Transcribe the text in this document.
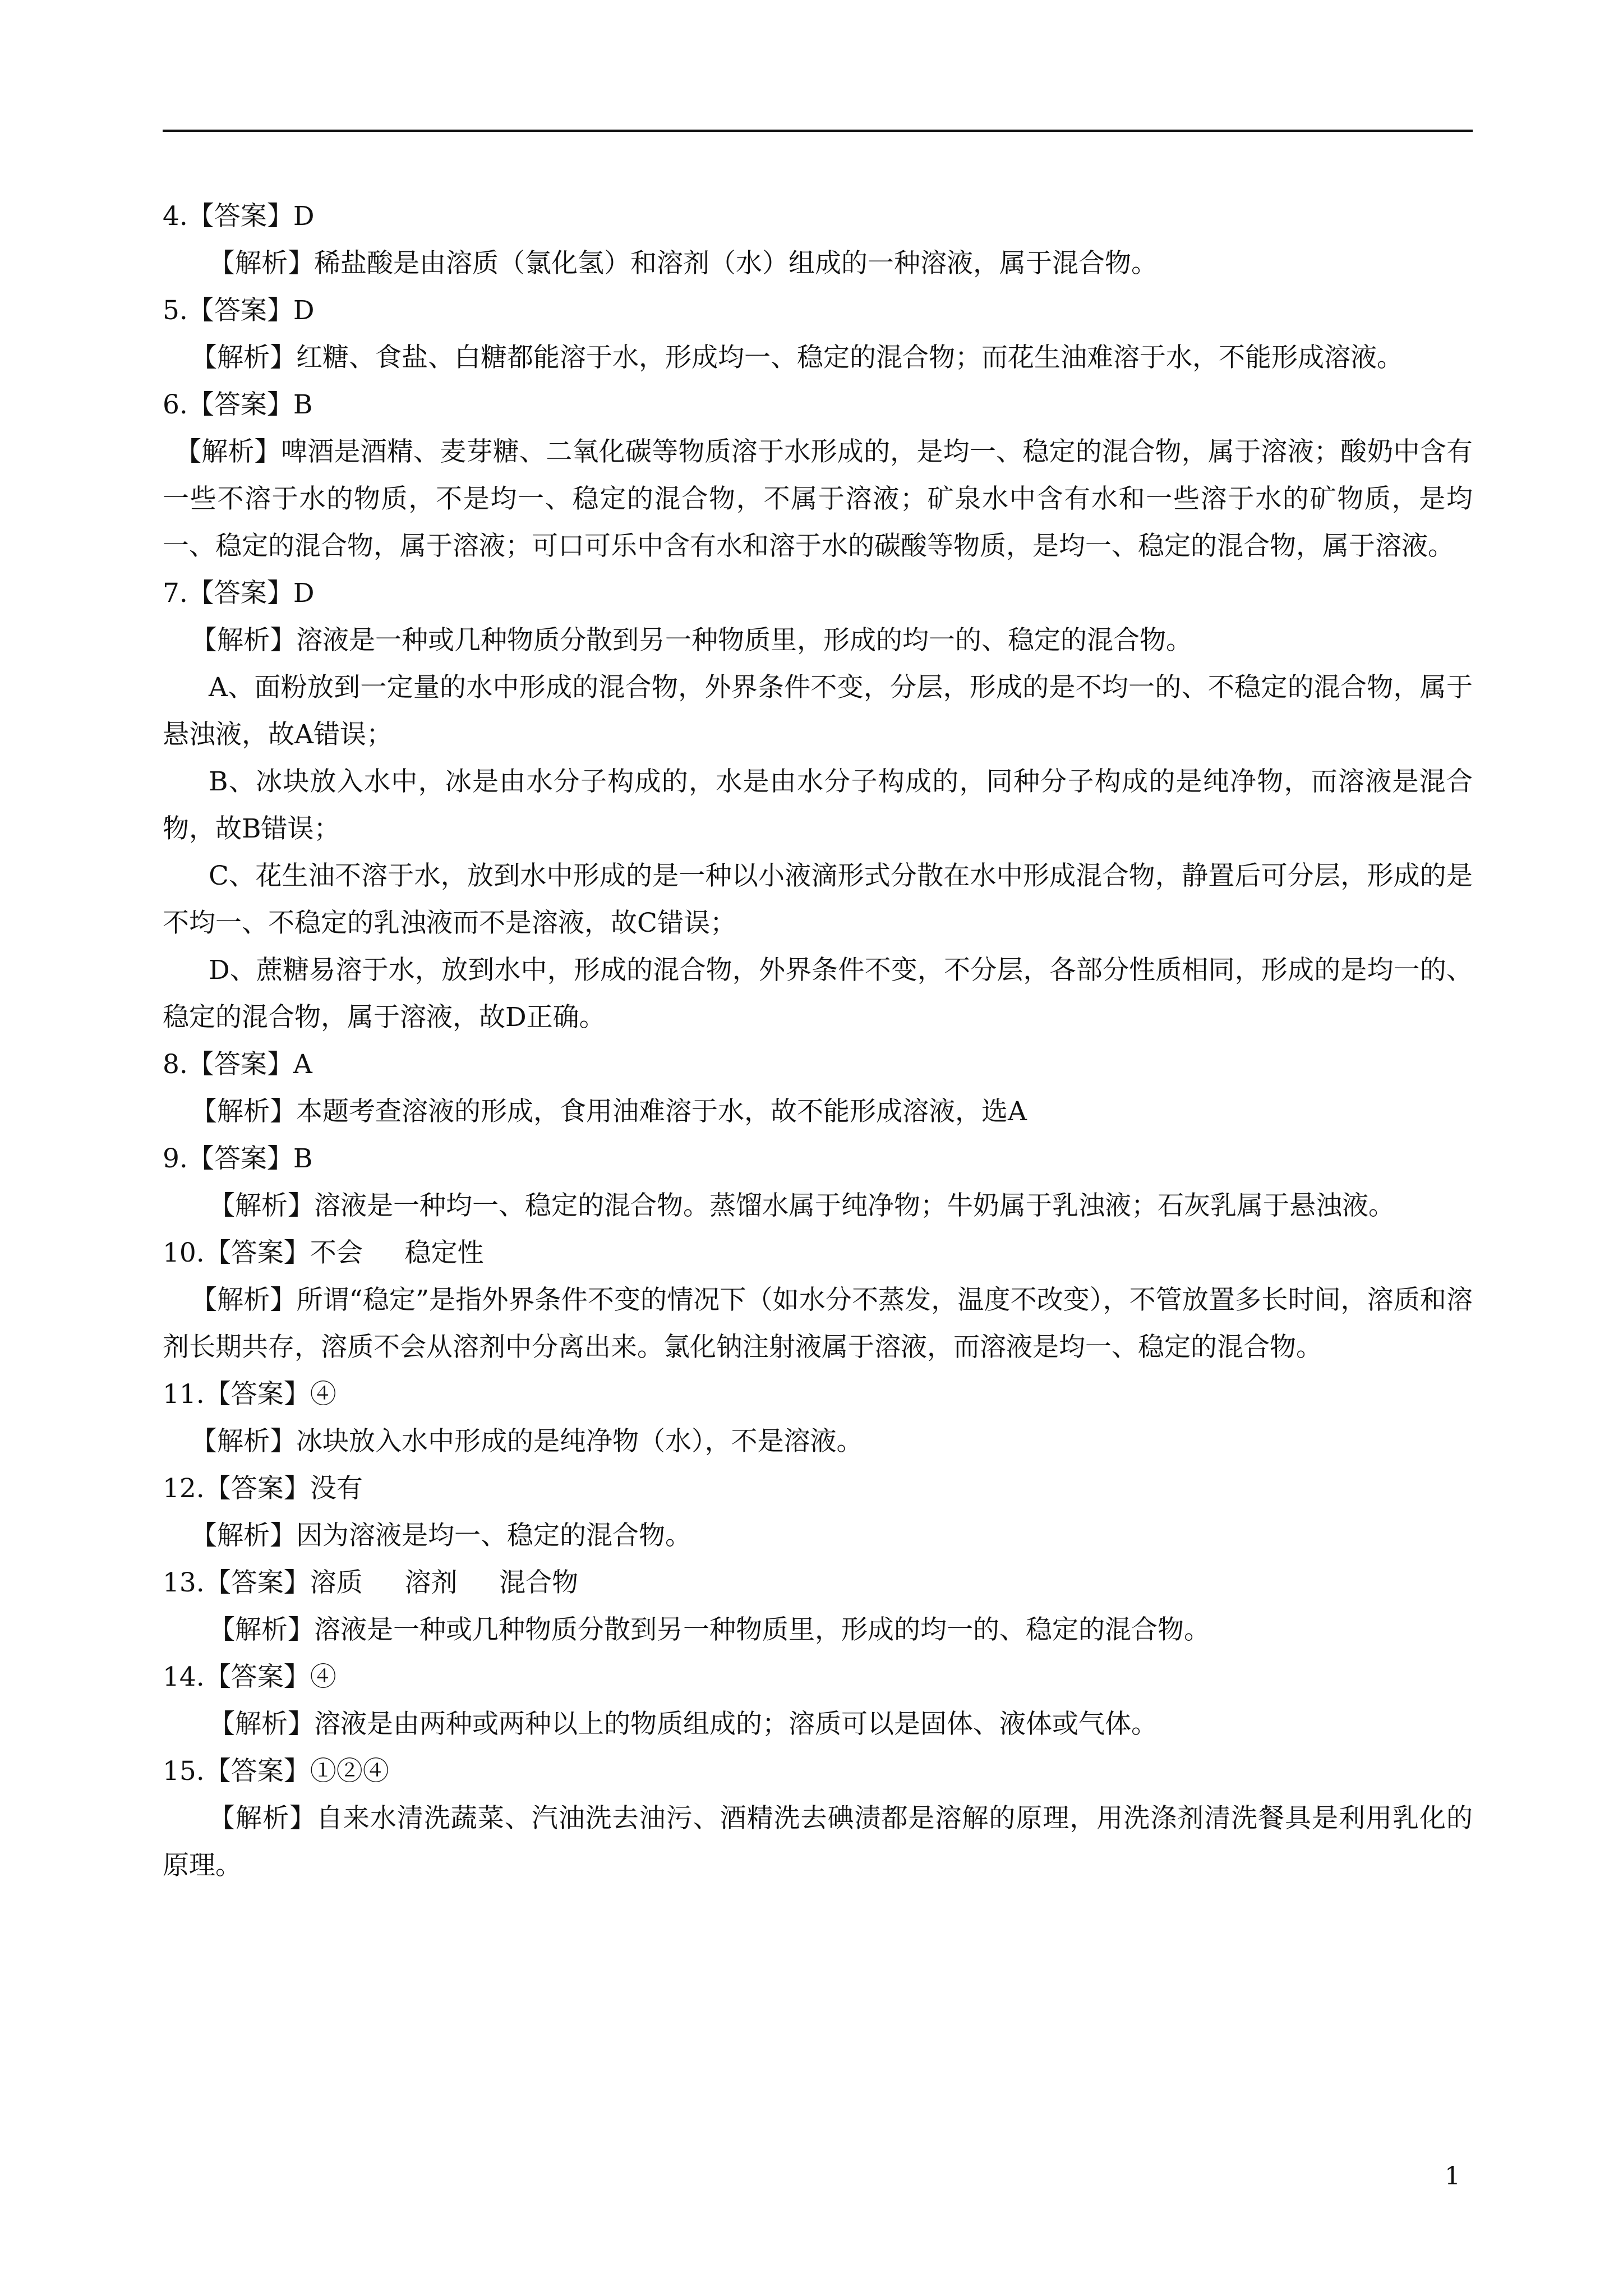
4.【答案】D
【解析】稀盐酸是由溶质（氯化氢）和溶剂（水）组成的一种溶液，属于混合物。
5.【答案】D
【解析】红糖、食盐、白糖都能溶于水，形成均一、稳定的混合物；而花生油难溶于水，不能形成溶液。
6.【答案】B
【解析】啤酒是酒精、麦芽糖、二氧化碳等物质溶于水形成的，是均一、稳定的混合物，属于溶液；酸奶中含有一些不溶于水的物质，不是均一、稳定的混合物，不属于溶液；矿泉水中含有水和一些溶于水的矿物质，是均一、稳定的混合物，属于溶液；可口可乐中含有水和溶于水的碳酸等物质，是均一、稳定的混合物，属于溶液。
7.【答案】D
【解析】溶液是一种或几种物质分散到另一种物质里，形成的均一的、稳定的混合物。
A、面粉放到一定量的水中形成的混合物，外界条件不变，分层，形成的是不均一的、不稳定的混合物，属于悬浊液，故A错误；
B、冰块放入水中，冰是由水分子构成的，水是由水分子构成的，同种分子构成的是纯净物，而溶液是混合物，故B错误；
C、花生油不溶于水，放到水中形成的是一种以小液滴形式分散在水中形成混合物，静置后可分层，形成的是不均一、不稳定的乳浊液而不是溶液，故C错误；
D、蔗糖易溶于水，放到水中，形成的混合物，外界条件不变，不分层，各部分性质相同，形成的是均一的、稳定的混合物，属于溶液，故D正确。
8.【答案】A
【解析】本题考查溶液的形成，食用油难溶于水，故不能形成溶液，选A
9.【答案】B
【解析】溶液是一种均一、稳定的混合物。蒸馏水属于纯净物；牛奶属于乳浊液；石灰乳属于悬浊液。
10.【答案】不会     稳定性
【解析】所谓“稳定”是指外界条件不变的情况下（如水分不蒸发，温度不改变），不管放置多长时间，溶质和溶剂长期共存，溶质不会从溶剂中分离出来。氯化钠注射液属于溶液，而溶液是均一、稳定的混合物。
11.【答案】④
【解析】冰块放入水中形成的是纯净物（水），不是溶液。
12.【答案】没有
【解析】因为溶液是均一、稳定的混合物。
13.【答案】溶质     溶剂     混合物
【解析】溶液是一种或几种物质分散到另一种物质里，形成的均一的、稳定的混合物。
14.【答案】④
【解析】溶液是由两种或两种以上的物质组成的；溶质可以是固体、液体或气体。
15.【答案】①②④
【解析】自来水清洗蔬菜、汽油洗去油污、酒精洗去碘渍都是溶解的原理，用洗涤剂清洗餐具是利用乳化的原理。
1
